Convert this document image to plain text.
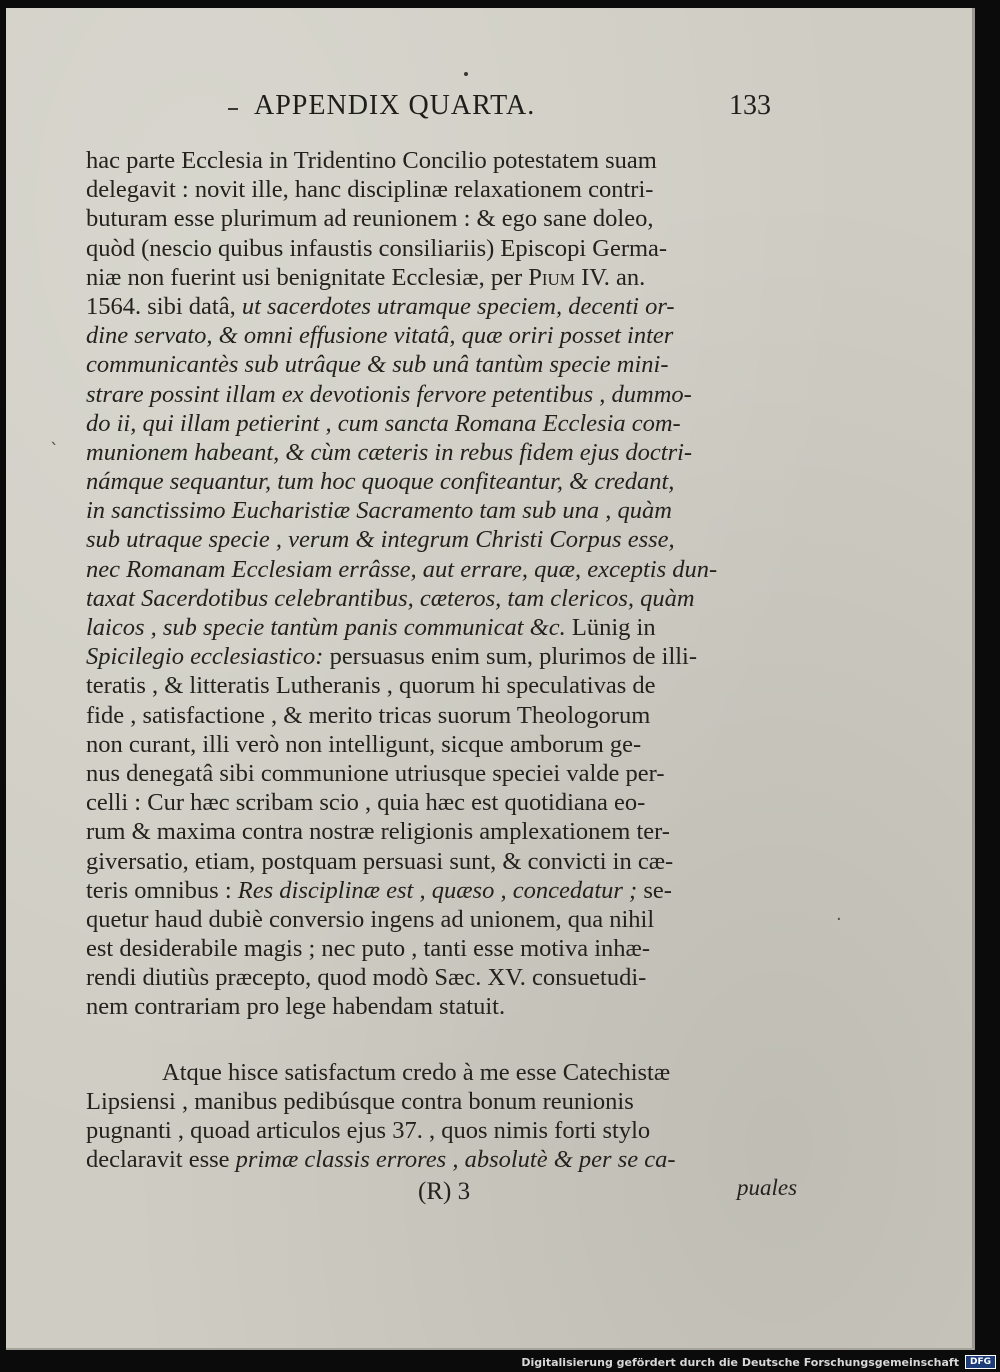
APPENDIX QUARTA.	133
hac parte Ecclesia in Tridentino Concilio potestatem suam
delegavit : novit ille, hanc disciplinæ relaxationem contri-
buturam esse plurimum ad reunionem : & ego sane doleo,
quòd (nescio quibus infaustis consiliariis) Episcopi Germa-
niæ non fuerint usi benignitate Ecclesiæ, per Pium IV. an.
1564. sibi datâ, ut sacerdotes utramque speciem, decenti or-
dine servato, & omni effusione vitatâ, quæ oriri posset inter
communicantès sub utrâque & sub unâ tantùm specie mini-
strare possint illam ex devotionis fervore petentibus , dummo-
do ii, qui illam petierint , cum sancta Romana Ecclesia com-
munionem habeant, & cùm cæteris in rebus fidem ejus doctri-
námque sequantur, tum hoc quoque confiteantur, & credant,
in sanctissimo Eucharistiæ Sacramento tam sub una , quàm
sub utraque specie , verum & integrum Christi Corpus esse,
nec Romanam Ecclesiam errâsse, aut errare, quæ, exceptis dun-
taxat Sacerdotibus celebrantibus, cæteros, tam clericos, quàm
laicos , sub specie tantùm panis communicat &c. Lünig in
Spicilegio ecclesiastico: persuasus enim sum, plurimos de illi-
teratis , & litteratis Lutheranis , quorum hi speculativas de
fide , satisfactione , & merito tricas suorum Theologorum
non curant, illi verò non intelligunt, sicque amborum ge-
nus denegatâ sibi communione utriusque speciei valde per-
celli : Cur hæc scribam scio , quia hæc est quotidiana eo-
rum & maxima contra nostræ religionis amplexationem ter-
giversatio, etiam, postquam persuasi sunt, & convicti in cæ-
teris omnibus : Res disciplinæ est , quæso , concedatur ; se-
quetur haud dubiè conversio ingens ad unionem, qua nihil
est desiderabile magis ; nec puto , tanti esse motiva inhæ-
rendi diutiùs præcepto, quod modò Sæc. XV. consuetudi-
nem contrariam pro lege habendam statuit.
Atque hisce satisfactum credo à me esse Catechistæ
Lipsiensi , manibus pedibúsque contra bonum reunionis
pugnanti , quoad articulos ejus 37. , quos nimis forti stylo
declaravit esse primæ classis errores , absolutè & per se ca-
(R) 3	puales
`
·
Digitalisierung gefördert durch die Deutsche Forschungsgemeinschaft	DFG
